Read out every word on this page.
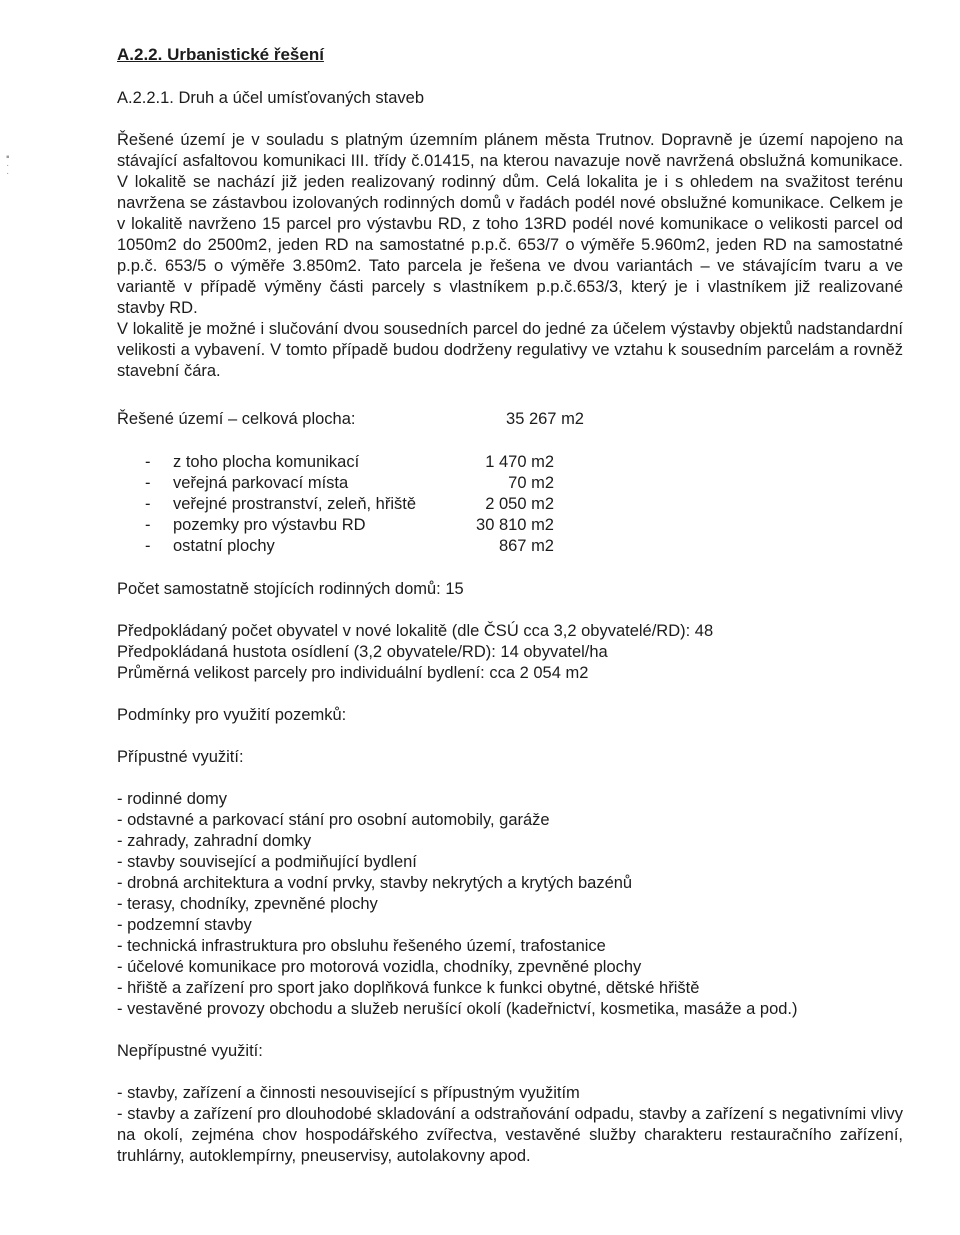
▪
·
·
A.2.2. Urbanistické řešení
A.2.2.1. Druh a účel umísťovaných staveb

Řešené území je v souladu s platným územním plánem města Trutnov. Dopravně je území napojeno na stávající asfaltovou komunikaci III. třídy č.01415, na kterou navazuje nově navržená obslužná komunikace. V lokalitě se nachází již jeden realizovaný rodinný dům. Celá lokalita je i s ohledem na svažitost terénu navržena se zástavbou izolovaných rodinných domů v řadách podél nové obslužné komunikace. Celkem je v lokalitě navrženo 15 parcel pro výstavbu RD, z toho 13RD podél nové komunikace o velikosti parcel od 1050m2 do 2500m2, jeden RD na samostatné p.p.č. 653/7 o výměře 5.960m2, jeden RD na samostatné p.p.č. 653/5 o výměře 3.850m2. Tato parcela je řešena ve dvou variantách – ve stávajícím tvaru a ve variantě v případě výměny části parcely s vlastníkem p.p.č.653/3, který je i vlastníkem již realizované stavby RD.

V lokalitě je možné i slučování dvou sousedních parcel do jedné za účelem výstavby objektů nadstandardní velikosti a vybavení. V tomto případě budou dodrženy regulativy ve vztahu k sousedním parcelám a rovněž stavební čára.

Řešené území – celková plocha:	35 267 m2
- z toho plocha komunikací	1 470 m2
- veřejná parkovací místa	70 m2
- veřejné prostranství, zeleň, hřiště	2 050 m2
- pozemky pro výstavbu RD	30 810 m2
- ostatní plochy	867 m2
Počet samostatně stojících rodinných domů: 15
Předpokládaný počet obyvatel v nové lokalitě (dle ČSÚ cca 3,2 obyvatelé/RD): 48
Předpokládaná hustota osídlení (3,2 obyvatele/RD): 14 obyvatel/ha
Průměrná velikost parcely pro individuální bydlení: cca 2 054 m2
Podmínky pro využití pozemků:
Přípustné využití:
- rodinné domy
- odstavné a parkovací stání pro osobní automobily, garáže
- zahrady, zahradní domky
- stavby související a podmiňující bydlení
- drobná architektura a vodní prvky, stavby nekrytých a krytých bazénů
- terasy, chodníky, zpevněné plochy
- podzemní stavby
- technická infrastruktura pro obsluhu řešeného území, trafostanice
- účelové komunikace pro motorová vozidla, chodníky, zpevněné plochy
- hřiště a zařízení pro sport jako doplňková funkce k funkci obytné, dětské hřiště
- vestavěné provozy obchodu a služeb nerušící okolí (kadeřnictví, kosmetika, masáže a pod.)
Nepřípustné využití:
- stavby, zařízení a činnosti nesouvisející s přípustným využitím
- stavby a zařízení pro dlouhodobé skladování a odstraňování odpadu, stavby a zařízení s negativními vlivy na okolí, zejména chov hospodářského zvířectva, vestavěné služby charakteru restauračního zařízení, truhlárny, autoklempírny, pneuservisy, autolakovny apod.
